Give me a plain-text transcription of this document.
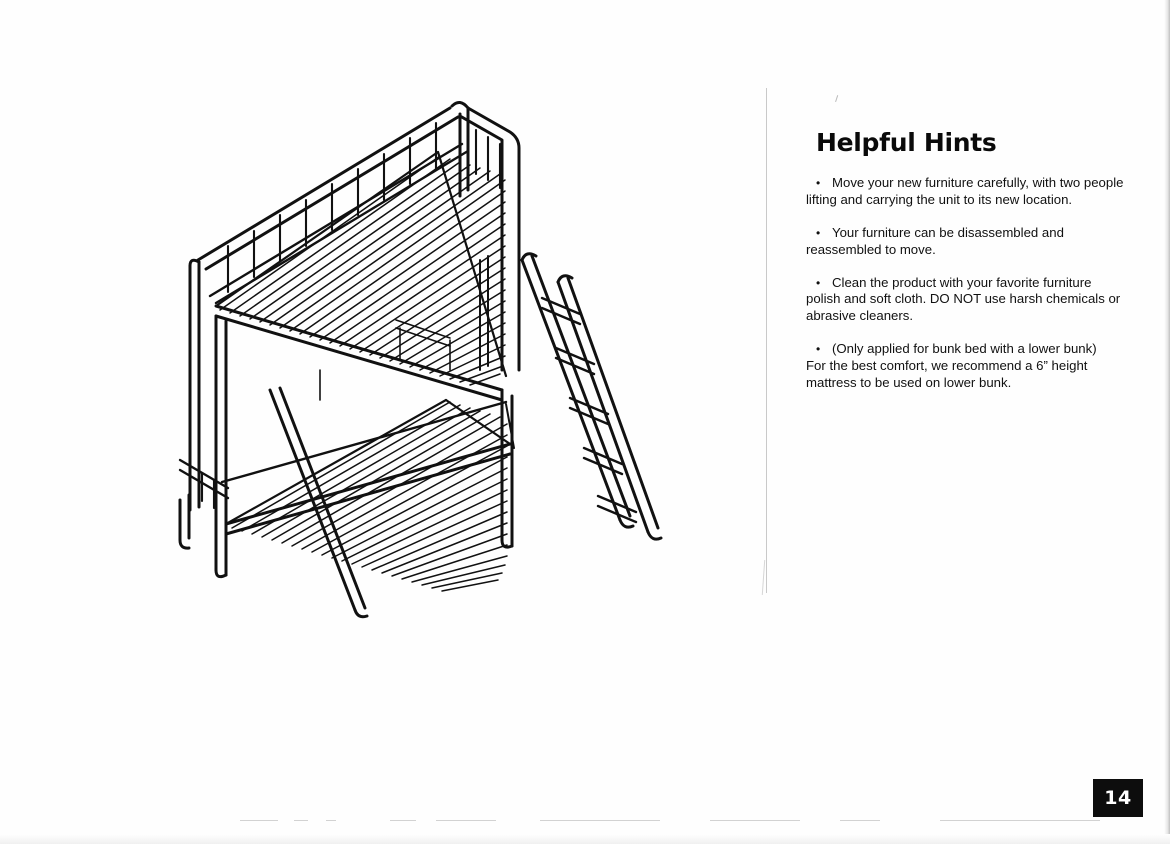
Helpful Hints
• Move your new furniture carefully, with two people lifting and carrying the unit to its new location.
• Your furniture can be disassembled and reassembled to move.
• Clean the product with your favorite furniture polish and soft cloth. DO NOT use harsh chemicals or abrasive cleaners.
• (Only applied for bunk bed with a lower bunk)
For the best comfort, we recommend a 6” height mattress to be used on lower bunk.
14
